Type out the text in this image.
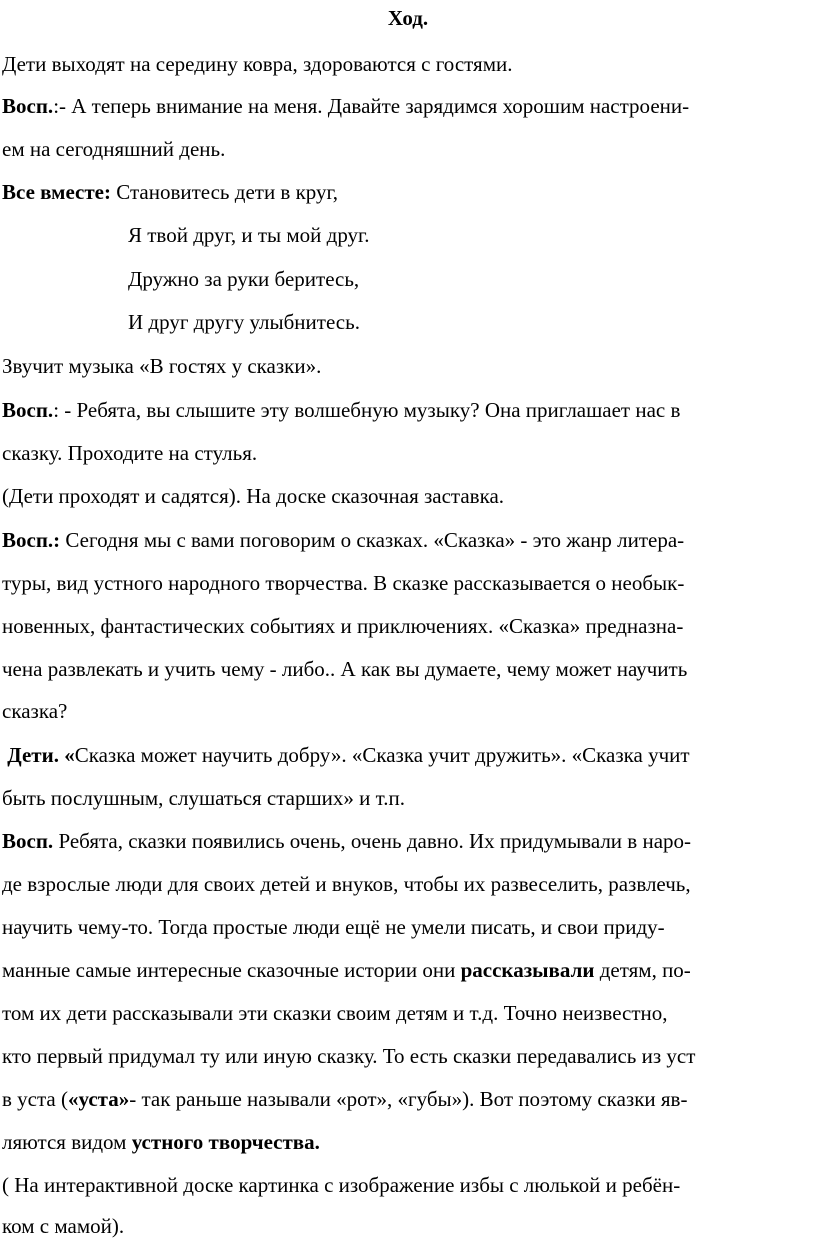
Ход.
Дети выходят на середину ковра, здороваются с гостями.
Восп.:- А теперь внимание на меня. Давайте зарядимся хорошим настроени-
ем на сегодняшний день.
Все вместе: Становитесь дети в круг,
Я твой друг, и ты мой друг.
Дружно за руки беритесь,
И друг другу улыбнитесь.
Звучит музыка «В гостях у сказки».
Восп.: - Ребята, вы слышите эту волшебную музыку? Она приглашает нас в
сказку. Проходите на стулья.
(Дети проходят и садятся). На доске сказочная заставка.
Восп.: Сегодня мы с вами поговорим о сказках. «Сказка» - это жанр литера-
туры, вид устного народного творчества. В сказке рассказывается о необык-
новенных, фантастических событиях и приключениях. «Сказка» предназна-
чена развлекать и учить чему - либо.. А как вы думаете, чему может научить
сказка?
Дети. «Сказка может научить добру». «Сказка учит дружить». «Сказка учит
быть послушным, слушаться старших» и т.п.
Восп. Ребята, сказки появились очень, очень давно. Их придумывали в наро-
де взрослые люди для своих детей и внуков, чтобы их развеселить, развлечь,
научить чему-то. Тогда простые люди ещё не умели писать, и свои приду-
манные самые интересные сказочные истории они рассказывали детям, по-
том их дети рассказывали эти сказки своим детям и т.д. Точно неизвестно,
кто первый придумал ту или иную сказку. То есть сказки передавались из уст
в уста («уста»- так раньше называли «рот», «губы»). Вот поэтому сказки яв-
ляются видом устного творчества.
( На интерактивной доске картинка с изображение избы с люлькой и ребён-
ком с мамой).
